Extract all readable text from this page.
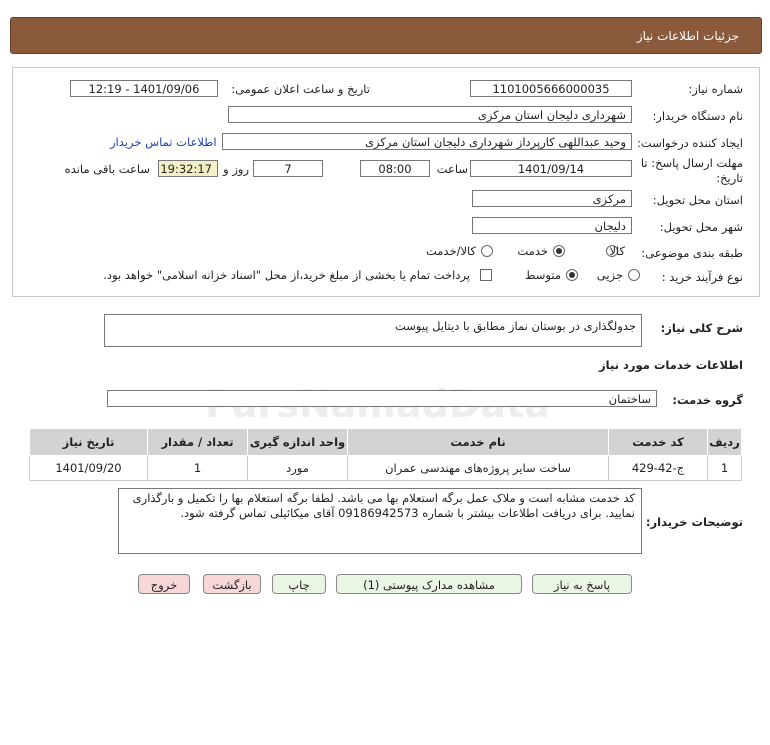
جزئیات اطلاعات نیاز
شماره نیاز:
1101005666000035
تاریخ و ساعت اعلان عمومی:
1401/09/06 - 12:19
نام دستگاه خریدار:
شهرداری دلیجان استان مرکزی
ایجاد کننده درخواست:
وحید عبداللهی کارپرداز شهرداری دلیجان استان مرکزی
اطلاعات تماس خریدار
مهلت ارسال پاسخ: تا
تاریخ:
1401/09/14
ساعت
08:00
7
روز و
19:32:17
ساعت باقی مانده
استان محل تحویل:
مرکزی
شهر محل تحویل:
دلیجان
طبقه بندی موضوعی:
کالا
خدمت
کالا/خدمت
نوع فرآیند خرید :
جزیی
متوسط
پرداخت تمام یا بخشی از مبلغ خرید،از محل "اسناد خزانه اسلامی" خواهد بود.
شرح کلی نیاز:
جدولگذاری در بوستان نماز مطابق با دیتایل پیوست
اطلاعات خدمات مورد نیاز
گروه خدمت:
ساختمان
ردیف	کد خدمت	نام خدمت	واحد اندازه گیری	تعداد / مقدار	تاریخ نیاز
1	ج-42-429	ساخت سایر پروژه‌های مهندسی عمران	مورد	1	1401/09/20
توضیحات خریدار:
کد خدمت مشابه است و ملاک عمل برگه استعلام بها می باشد. لطفا برگه استعلام بها را تکمیل و بارگذاری نمایید. برای دریافت اطلاعات بیشتر با شماره 09186942573 آقای میکائیلی تماس گرفته شود.
پاسخ به نیاز
مشاهده مدارک پیوستی (1)
چاپ
بازگشت
خروج
